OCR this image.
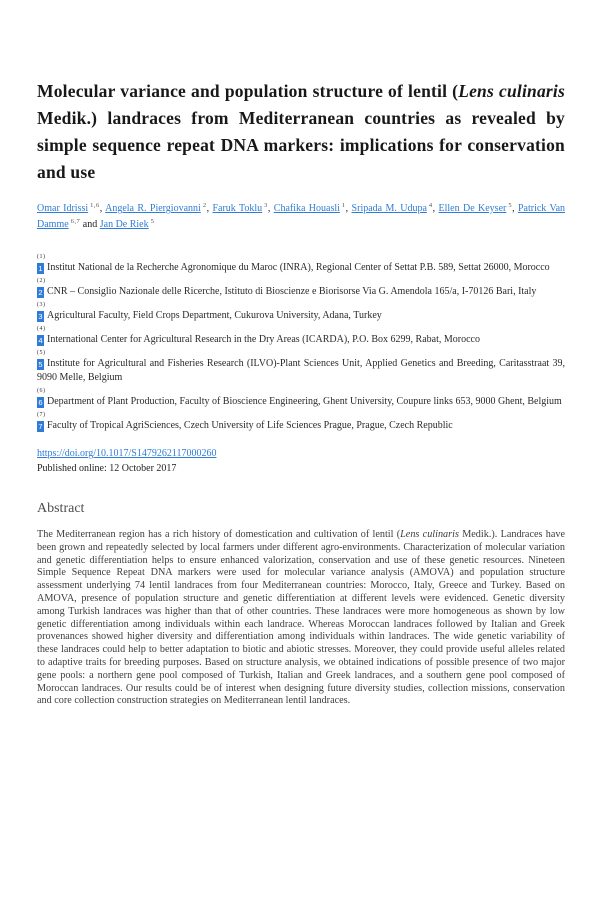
Molecular variance and population structure of lentil (Lens culinaris Medik.) landraces from Mediterranean countries as revealed by simple sequence repeat DNA markers: implications for conservation and use

Omar Idrissi $^{1,6}$, Angela R. Piergiovanni $^2$, Faruk Toklu $^3$, Chafika Houasli $^1$, Sripada M. Udupa $^4$, Ellen De Keyser $^5$, Patrick Van Damme $^{6,7}$ and Jan De Riek $^5$

(1)

1 Institut National de la Recherche Agronomique du Maroc (INRA), Regional Center of Settat P.B. 589, Settat 26000, Morocco

(2)

2 CNR – Consiglio Nazionale delle Ricerche, Istituto di Bioscienze e Biorisorse Via G. Amendola 165/a, I-70126 Bari, Italy

(3)

3 Agricultural Faculty, Field Crops Department, Cukurova University, Adana, Turkey

(4)

4 International Center for Agricultural Research in the Dry Areas (ICARDA), P.O. Box 6299, Rabat, Morocco

(5)

5 Institute for Agricultural and Fisheries Research (ILVO)-Plant Sciences Unit, Applied Genetics and Breeding, Caritasstraat 39, 9090 Melle, Belgium

(6)

6 Department of Plant Production, Faculty of Bioscience Engineering, Ghent University, Coupure links 653, 9000 Ghent, Belgium

(7)

7 Faculty of Tropical AgriSciences, Czech University of Life Sciences Prague, Prague, Czech Republic

https://doi.org/10.1017/S1479262117000260

Published online: 12 October 2017

Abstract

The Mediterranean region has a rich history of domestication and cultivation of lentil (Lens culinaris Medik.). Landraces have been grown and repeatedly selected by local farmers under different agro-environments. Characterization of molecular variation and genetic differentiation helps to ensure enhanced valorization, conservation and use of these genetic resources. Nineteen Simple Sequence Repeat DNA markers were used for molecular variance analysis (AMOVA) and population structure assessment underlying 74 lentil landraces from four Mediterranean countries: Morocco, Italy, Greece and Turkey. Based on AMOVA, presence of population structure and genetic differentiation at different levels were evidenced. Genetic diversity among Turkish landraces was higher than that of other countries. These landraces were more homogeneous as shown by low genetic differentiation among individuals within each landrace. Whereas Moroccan landraces followed by Italian and Greek provenances showed higher diversity and differentiation among individuals within landraces. The wide genetic variability of these landraces could help to better adaptation to biotic and abiotic stresses. Moreover, they could provide useful alleles related to adaptive traits for breeding purposes. Based on structure analysis, we obtained indications of possible presence of two major gene pools: a northern gene pool composed of Turkish, Italian and Greek landraces, and a southern gene pool composed of Moroccan landraces. Our results could be of interest when designing future diversity studies, collection missions, conservation and core collection construction strategies on Mediterranean lentil landraces.
